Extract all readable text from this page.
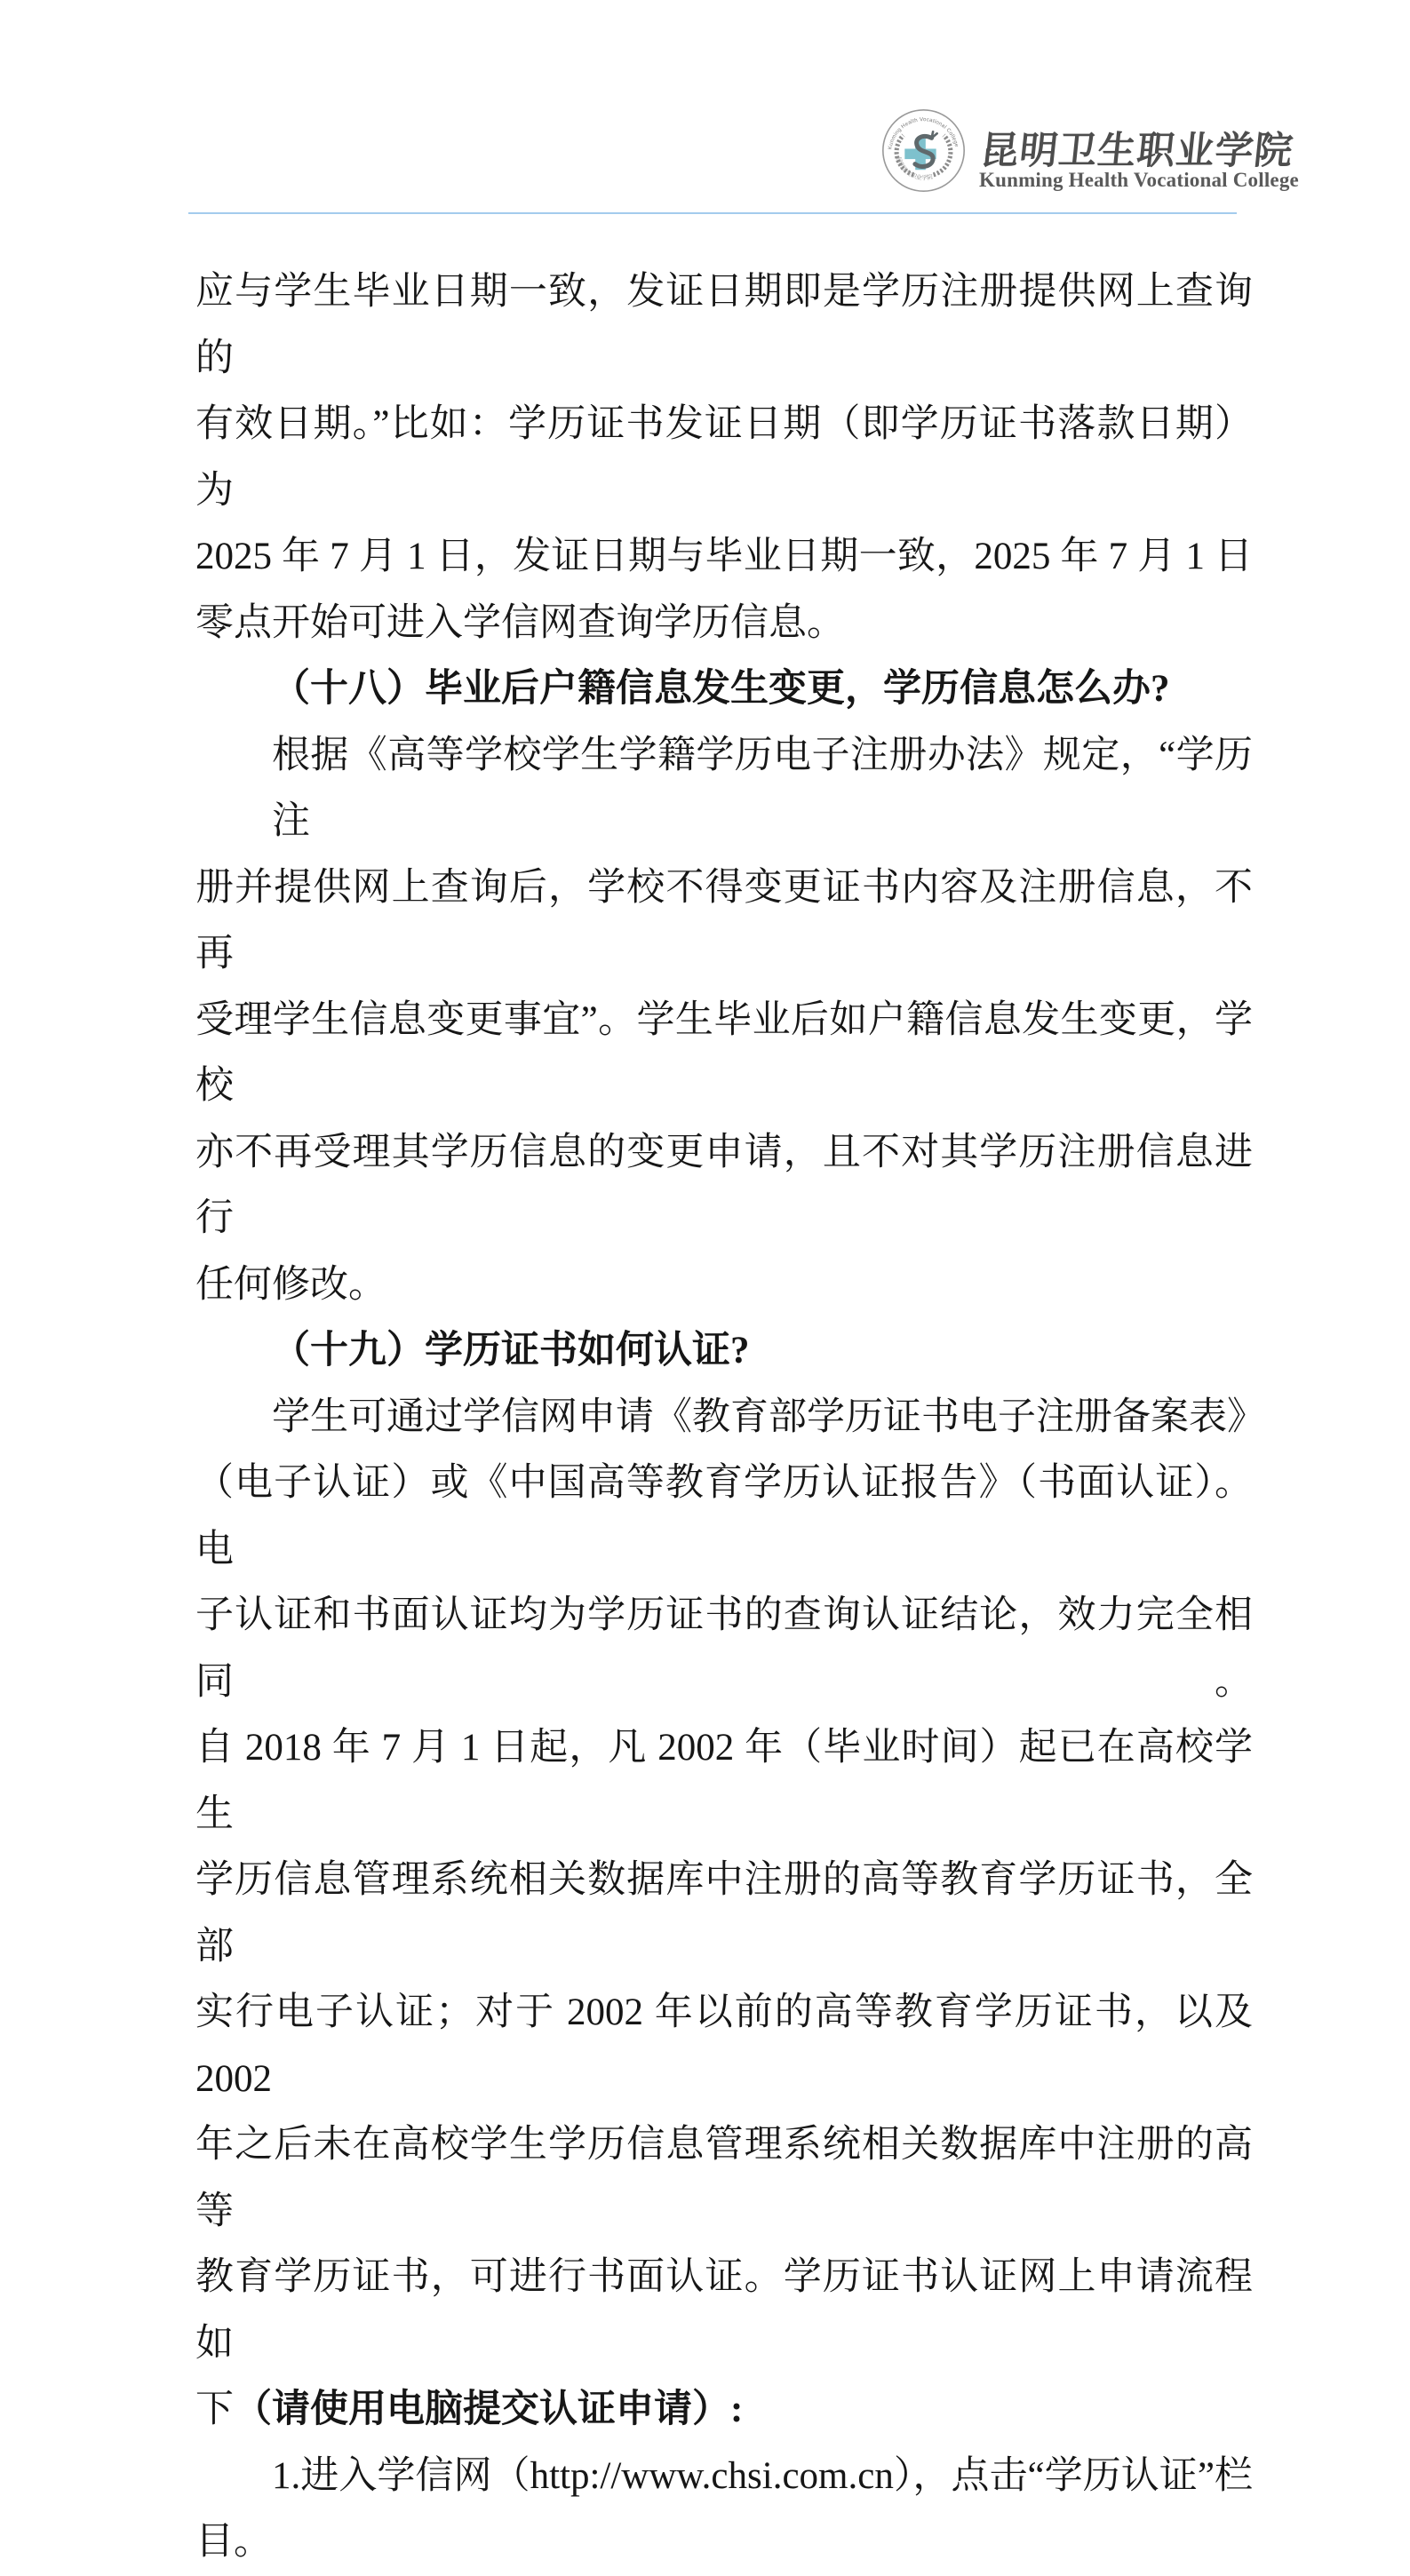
Kunming Health Vocational College
昆明卫生职业学院
昆明卫生职业学院
Kunming Health Vocational College
应与学生毕业日期一致，发证日期即是学历注册提供网上查询的
有效日期。”比如：学历证书发证日期（即学历证书落款日期）为
2025 年 7 月 1 日，发证日期与毕业日期一致，2025 年 7 月 1 日
零点开始可进入学信网查询学历信息。
（十八）毕业后户籍信息发生变更，学历信息怎么办?
根据《高等学校学生学籍学历电子注册办法》规定，“学历注
册并提供网上查询后，学校不得变更证书内容及注册信息，不再
受理学生信息变更事宜”。学生毕业后如户籍信息发生变更，学校
亦不再受理其学历信息的变更申请，且不对其学历注册信息进行
任何修改。
（十九）学历证书如何认证?
学生可通过学信网申请《教育部学历证书电子注册备案表》
（电子认证）或《中国高等教育学历认证报告》（书面认证）。电
子认证和书面认证均为学历证书的查询认证结论，效力完全相同。
自 2018 年 7 月 1 日起，凡 2002 年（毕业时间）起已在高校学生
学历信息管理系统相关数据库中注册的高等教育学历证书，全部
实行电子认证；对于 2002 年以前的高等教育学历证书，以及 2002
年之后未在高校学生学历信息管理系统相关数据库中注册的高等
教育学历证书，可进行书面认证。学历证书认证网上申请流程如
下（请使用电脑提交认证申请）:
1.进入学信网（http://www.chsi.com.cn），点击“学历认证”栏
目。
